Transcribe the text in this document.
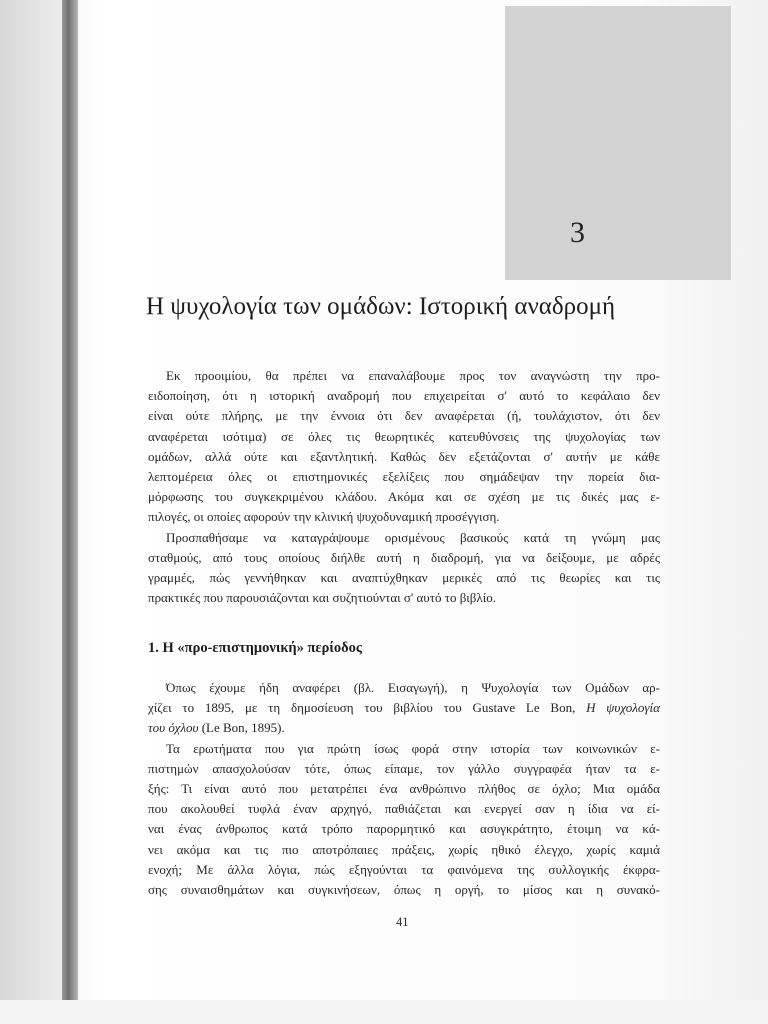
3
Η ψυχολογία των ομάδων: Ιστορική αναδρομή
Εκ προοιμίου, θα πρέπει να επαναλάβουμε προς τον αναγνώστη την προ-
ειδοποίηση, ότι η ιστορική αναδρομή που επιχειρείται σ' αυτό το κεφάλαιο δεν
είναι ούτε πλήρης, με την έννοια ότι δεν αναφέρεται (ή, τουλάχιστον, ότι δεν
αναφέρεται ισότιμα) σε όλες τις θεωρητικές κατευθύνσεις της ψυχολογίας των
ομάδων, αλλά ούτε και εξαντλητική. Καθώς δεν εξετάζονται σ' αυτήν με κάθε
λεπτομέρεια όλες οι επιστημονικές εξελίξεις που σημάδεψαν την πορεία δια-
μόρφωσης του συγκεκριμένου κλάδου. Ακόμα και σε σχέση με τις δικές μας ε-
πιλογές, οι οποίες αφορούν την κλινική ψυχοδυναμική προσέγγιση.
Προσπαθήσαμε να καταγράψουμε ορισμένους βασικούς κατά τη γνώμη μας
σταθμούς, από τους οποίους διήλθε αυτή η διαδρομή, για να δείξουμε, με αδρές
γραμμές, πώς γεννήθηκαν και αναπτύχθηκαν μερικές από τις θεωρίες και τις
πρακτικές που παρουσιάζονται και συζητιούνται σ' αυτό το βιβλίο.
1. Η «προ-επιστημονική» περίοδος
Όπως έχουμε ήδη αναφέρει (βλ. Εισαγωγή), η Ψυχολογία των Ομάδων αρ-
χίζει το 1895, με τη δημοσίευση του βιβλίου του Gustave Le Bon, Η ψυχολογία
του όχλου (Le Bon, 1895).
Τα ερωτήματα που για πρώτη ίσως φορά στην ιστορία των κοινωνικών ε-
πιστημών απασχολούσαν τότε, όπως είπαμε, τον γάλλο συγγραφέα ήταν τα ε-
ξής: Τι είναι αυτό που μετατρέπει ένα ανθρώπινο πλήθος σε όχλο; Μια ομάδα
που ακολουθεί τυφλά έναν αρχηγό, παθιάζεται και ενεργεί σαν η ίδια να εί-
ναι ένας άνθρωπος κατά τρόπο παρορμητικό και ασυγκράτητο, έτοιμη να κά-
νει ακόμα και τις πιο αποτρόπαιες πράξεις, χωρίς ηθικό έλεγχο, χωρίς καμιά
ενοχή; Με άλλα λόγια, πώς εξηγούνται τα φαινόμενα της συλλογικής έκφρα-
σης συναισθημάτων και συγκινήσεων, όπως η οργή, το μίσος και η συνακό-
41
